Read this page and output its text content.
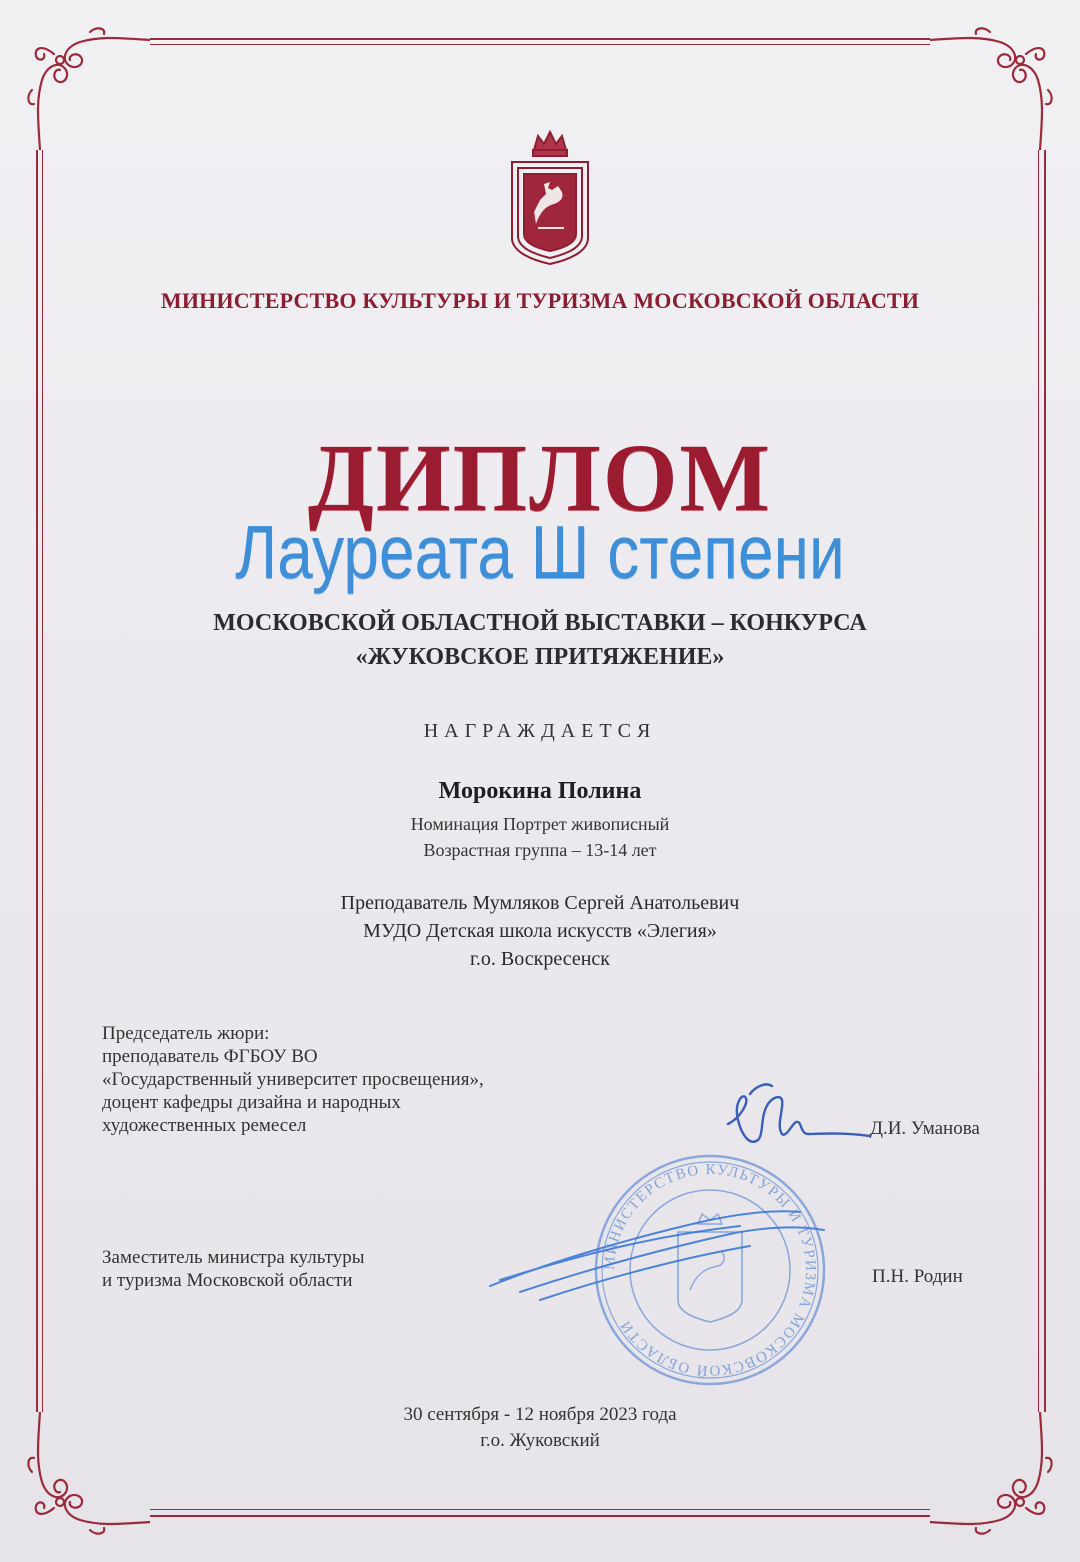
МИНИСТЕРСТВО КУЛЬТУРЫ И ТУРИЗМА МОСКОВСКОЙ ОБЛАСТИ
ДИПЛОМ
Лауреата Ш степени
МОСКОВСКОЙ ОБЛАСТНОЙ ВЫСТАВКИ – КОНКУРСА
«ЖУКОВСКОЕ ПРИТЯЖЕНИЕ»
НАГРАЖДАЕТСЯ
Морокина Полина
Номинация Портрет живописный
Возрастная группа – 13-14 лет
Преподаватель Мумляков Сергей Анатольевич
МУДО Детская школа искусств «Элегия»
г.о. Воскресенск
Председатель жюри:
преподаватель ФГБОУ ВО
«Государственный университет просвещения»,
доцент кафедры дизайна и народных
художественных ремесел	Д.И. Уманова
МИНИСТЕРСТВО КУЛЬТУРЫ И ТУРИЗМА МОСКОВСКОЙ ОБЛАСТИ
Заместитель министра культуры
и туризма Московской области	П.Н. Родин
30 сентября - 12 ноября 2023 года
г.о. Жуковский
